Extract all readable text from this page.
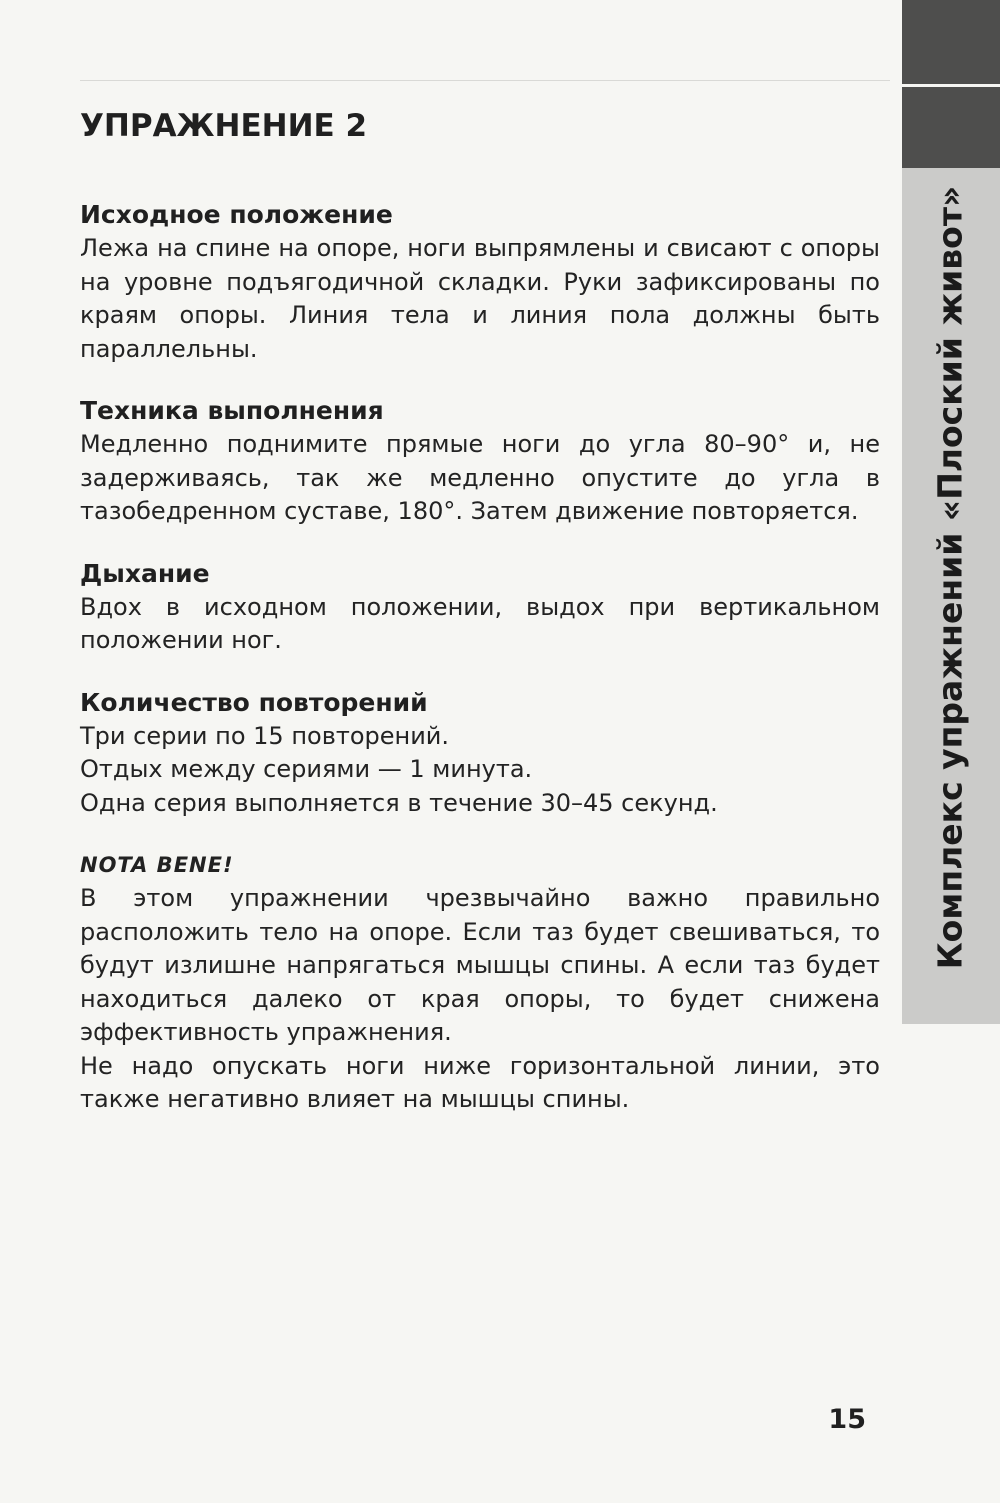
Комплекс упражнений «Плоский живот»
УПРАЖНЕНИЕ 2

Исходное положение

Лежа на спине на опоре, ноги выпрямлены и свисают с опоры на уровне подъягодичной складки. Руки зафиксированы по краям опоры. Линия тела и линия пола должны быть параллельны.

Техника выполнения

Медленно поднимите прямые ноги до угла 80–90° и, не задерживаясь, так же медленно опустите до угла в тазобедренном суставе, 180°. Затем движение повторяется.

Дыхание

Вдох в исходном положении, выдох при вертикальном положении ног.

Количество повторений

Три серии по 15 повторений.

Отдых между сериями — 1 минута.

Одна серия выполняется в течение 30–45 секунд.

NOTA BENE!

В этом упражнении чрезвычайно важно правильно расположить тело на опоре. Если таз будет свешиваться, то будут излишне напрягаться мышцы спины. А если таз будет находиться далеко от края опоры, то будет снижена эффективность упражнения.

Не надо опускать ноги ниже горизонтальной линии, это также негативно влияет на мышцы спины.

15
